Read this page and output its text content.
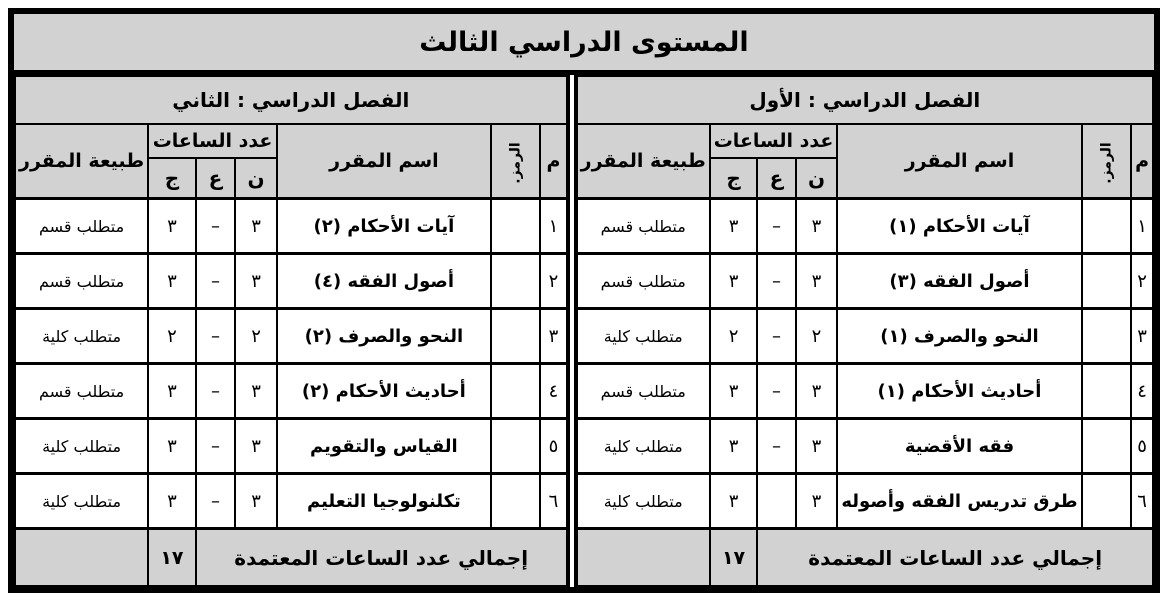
المستوى الدراسي الثالث
الفصل الدراسي : الأول						
م	الرمز.	اسم المقرر	عدد الساعات			طبيعة المقرر
			ن	ع	ج	
١		آيات الأحكام (١)	٣	–	٣	متطلب قسم
٢		أصول الفقه (٣)	٣	–	٣	متطلب قسم
٣		النحو والصرف (١)	٢	–	٢	متطلب كلية
٤		أحاديث الأحكام (١)	٣	–	٣	متطلب قسم
٥		فقه الأقضية	٣	–	٣	متطلب كلية
٦		طرق تدريس الفقه وأصوله	٣		٣	متطلب كلية
إجمالي عدد الساعات المعتمدة					١٧	
الفصل الدراسي : الثاني						
م	الرمز.	اسم المقرر	عدد الساعات			طبيعة المقرر
			ن	ع	ج	
١		آيات الأحكام (٢)	٣	–	٣	متطلب قسم
٢		أصول الفقه (٤)	٣	–	٣	متطلب قسم
٣		النحو والصرف (٢)	٢	–	٢	متطلب كلية
٤		أحاديث الأحكام (٢)	٣	–	٣	متطلب قسم
٥		القياس والتقويم	٣	–	٣	متطلب كلية
٦		تكلنولوجيا التعليم	٣	–	٣	متطلب كلية
إجمالي عدد الساعات المعتمدة					١٧	
